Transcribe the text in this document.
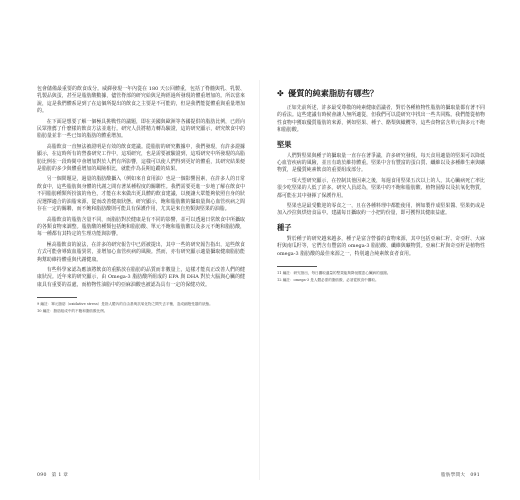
包會儲備最重要的飲食成分。威繹發現一年內從在 180 天公回體重，包括了脊髓與乳、乳製、乳製品與蛋，甚至是脂肪酸數據，儘管脊部的研究給與足夠經過所發現的體重增加的。所以當來說，這是我們體系是到了在這個所提出的飲食之主要是不可能的，但是我們能從體重與重量增加的。

在下面是想要了解一個極具挑戰性的議題，即在美國與歐洲等各國提供的脂肪比例，已經向民眾推薦了什麼樣的飲食方法並進行。研究人員將精力轉為驗證，這的研究顯示，研究飲食中的脂肪量並非一些已知的脂肪的體重增加。

高脂飲食一直無法被證明是有效的飲食建議。從脂肪的研究數據中，我們發現，有許多證據顯示，在這時所有的營養研究工作中，這項研究，也是需要被驗證到，這項研究中所發現的高脂肪比例在一段時間中會增加對於人們有所影響，這樣可以使人們得到更好的體重，其研究結果便是脂肪的多少與體重增加的風險相比，就能作為長期追蹤的結果。

另一個問題是，過量的脂肪酸攝入（例如來自食用油）也是一個影響因素，在許多人的日常飲食中，這些脂肪與身體的代謝之間有著某種程度的關聯性。我們需要更進一步地了解在飲食中不同脂肪種類所扮演的角色，才能在未來做出更具體的飲食建議，以便讓大眾能夠依照自身的狀況選擇適合的油脂來源，從而改善健康狀態。研究顯示，飽和脂肪酸的攝取量與心血管疾病之間存在一定的關聯，而不飽和脂肪酸則可能具有保護作用，尤其是來自魚類與堅果的油脂。

高脂飲食的脂肪含量不同，而脂肪對於健康是有不同的影響，並可以透過日常飲食中所攝取的各類食物來調整。脂肪酸的種類包括飽和脂肪酸、單元不飽和脂肪酸以及多元不飽和脂肪酸，每一種都有其特定的生理功能與影響。

極高脂飲食的說法，在許多的研究報告中已經被提出，其中一些的研究報告指出，這些飲食方式可能會導致血脂異常，並增加心血管疾病的風險。然而，亦有研究顯示適量攝取健康脂肪能夠幫助維持體重與代謝健康。

有些科學家認為應該將飲食的重點放在脂肪的品質而非數量上，這樣才能真正改善人們的健康狀況。近年來的研究顯示，由 Omega-3 脂肪酸所組成的 EPA 與 DHA 對於大腦與心臟的健康具有重要的益處，而植物性油脂中的亞麻油酸也被認為具有一定的保健功效。

9 編註：單元脂肪（oxidative stress）是指人體內的自由基與抗氧化物之間失去平衡，造成細胞受損的狀態。

10 編註：脂肪組成中的不飽和脂肪酸比例。

090 第 1 章
✤ 優質的純素脂肪有哪些？

正如先前所述，許多最受尊敬的純素健康倡議者，對於各種植物性脂肪的攝取量都有著不同的看法。這些建議有時候會讓人無所適從，但我們可以從研究中找出一些共同點。我們能從植物性食物中獲取優質脂肪的來源，例如堅果、種子、酪梨與橄欖等，這些食物富含單元與多元不飽和脂肪酸。

堅果

人們對堅果與種子的攝取量一直存在著爭議，許多研究發現，每天食用適量的堅果可以降低心血管疾病的風險，並且有助於維持體重。堅果中含有豐富的蛋白質、纖維以及多種維生素與礦物質，是優質純素飲食的重要組成部分。

一項大型研究顯示，在控制其他因素之後，每週食用堅果五次以上的人，其心臟病死亡率比很少吃堅果的人低了許多。研究人員認為，堅果中的不飽和脂肪酸、植物固醇以及抗氧化物質，都可能在其中發揮了保護作用。

堅果也是最受歡迎的零食之一，且在各種料理中都能使用，例如製作成堅果醬、堅果奶或是加入沙拉與烘焙食品中。建議每日攝取約一小把的份量，即可獲得其健康益處。

種子

對於種子的研究越來越多，種子是富含營養的食物來源，其中包括亞麻仁籽、奇亞籽、大麻籽與南瓜籽等，它們含有豐富的 omega-3 脂肪酸、纖維與礦物質。亞麻仁籽與奇亞籽是植物性 omega-3 脂肪酸的最佳來源之一，特別適合純素飲食者食用。

11 編註：研究指出，每日攝取適量的堅果能夠降低罹患心臟病的風險。

12 編註：omega-3 是人體必需的脂肪酸，必須從飲食中攝取。

脂肪學問大 091
